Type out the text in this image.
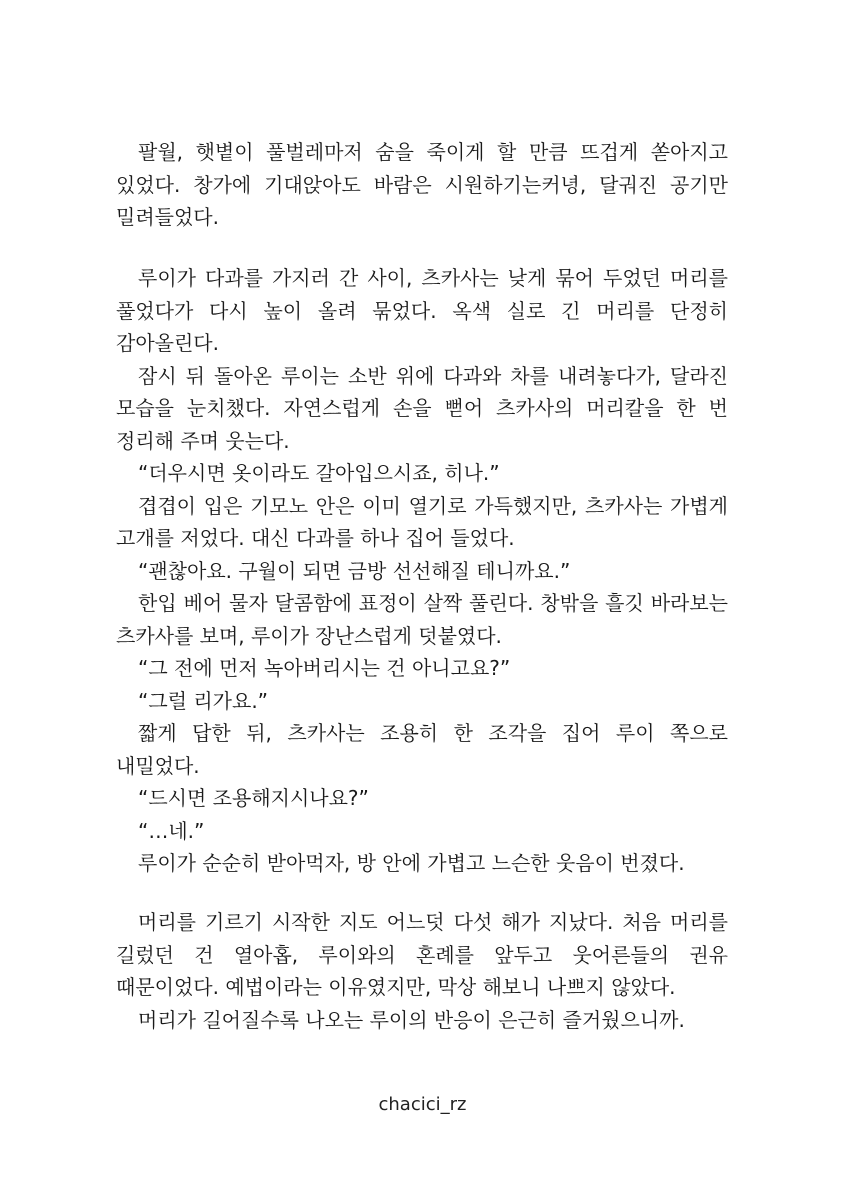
팔월, 햇볕이 풀벌레마저 숨을 죽이게 할 만큼 뜨겁게 쏟아지고 있었다. 창가에 기대앉아도 바람은 시원하기는커녕, 달궈진 공기만 밀려들었다.

루이가 다과를 가지러 간 사이, 츠카사는 낮게 묶어 두었던 머리를 풀었다가 다시 높이 올려 묶었다. 옥색 실로 긴 머리를 단정히 감아올린다.

잠시 뒤 돌아온 루이는 소반 위에 다과와 차를 내려놓다가, 달라진 모습을 눈치챘다. 자연스럽게 손을 뻗어 츠카사의 머리칼을 한 번 정리해 주며 웃는다.

“더우시면 옷이라도 갈아입으시죠, 히나.”

겹겹이 입은 기모노 안은 이미 열기로 가득했지만, 츠카사는 가볍게 고개를 저었다. 대신 다과를 하나 집어 들었다.

“괜찮아요. 구월이 되면 금방 선선해질 테니까요.”

한입 베어 물자 달콤함에 표정이 살짝 풀린다. 창밖을 흘깃 바라보는 츠카사를 보며, 루이가 장난스럽게 덧붙였다.

“그 전에 먼저 녹아버리시는 건 아니고요?”

“그럴 리가요.”

짧게 답한 뒤, 츠카사는 조용히 한 조각을 집어 루이 쪽으로 내밀었다.

“드시면 조용해지시나요?”

“…네.”

루이가 순순히 받아먹자, 방 안에 가볍고 느슨한 웃음이 번졌다.

머리를 기르기 시작한 지도 어느덧 다섯 해가 지났다. 처음 머리를 길렀던 건 열아홉, 루이와의 혼례를 앞두고 웃어른들의 권유 때문이었다. 예법이라는 이유였지만, 막상 해보니 나쁘지 않았다.

머리가 길어질수록 나오는 루이의 반응이 은근히 즐거웠으니까.

chacici_rz
